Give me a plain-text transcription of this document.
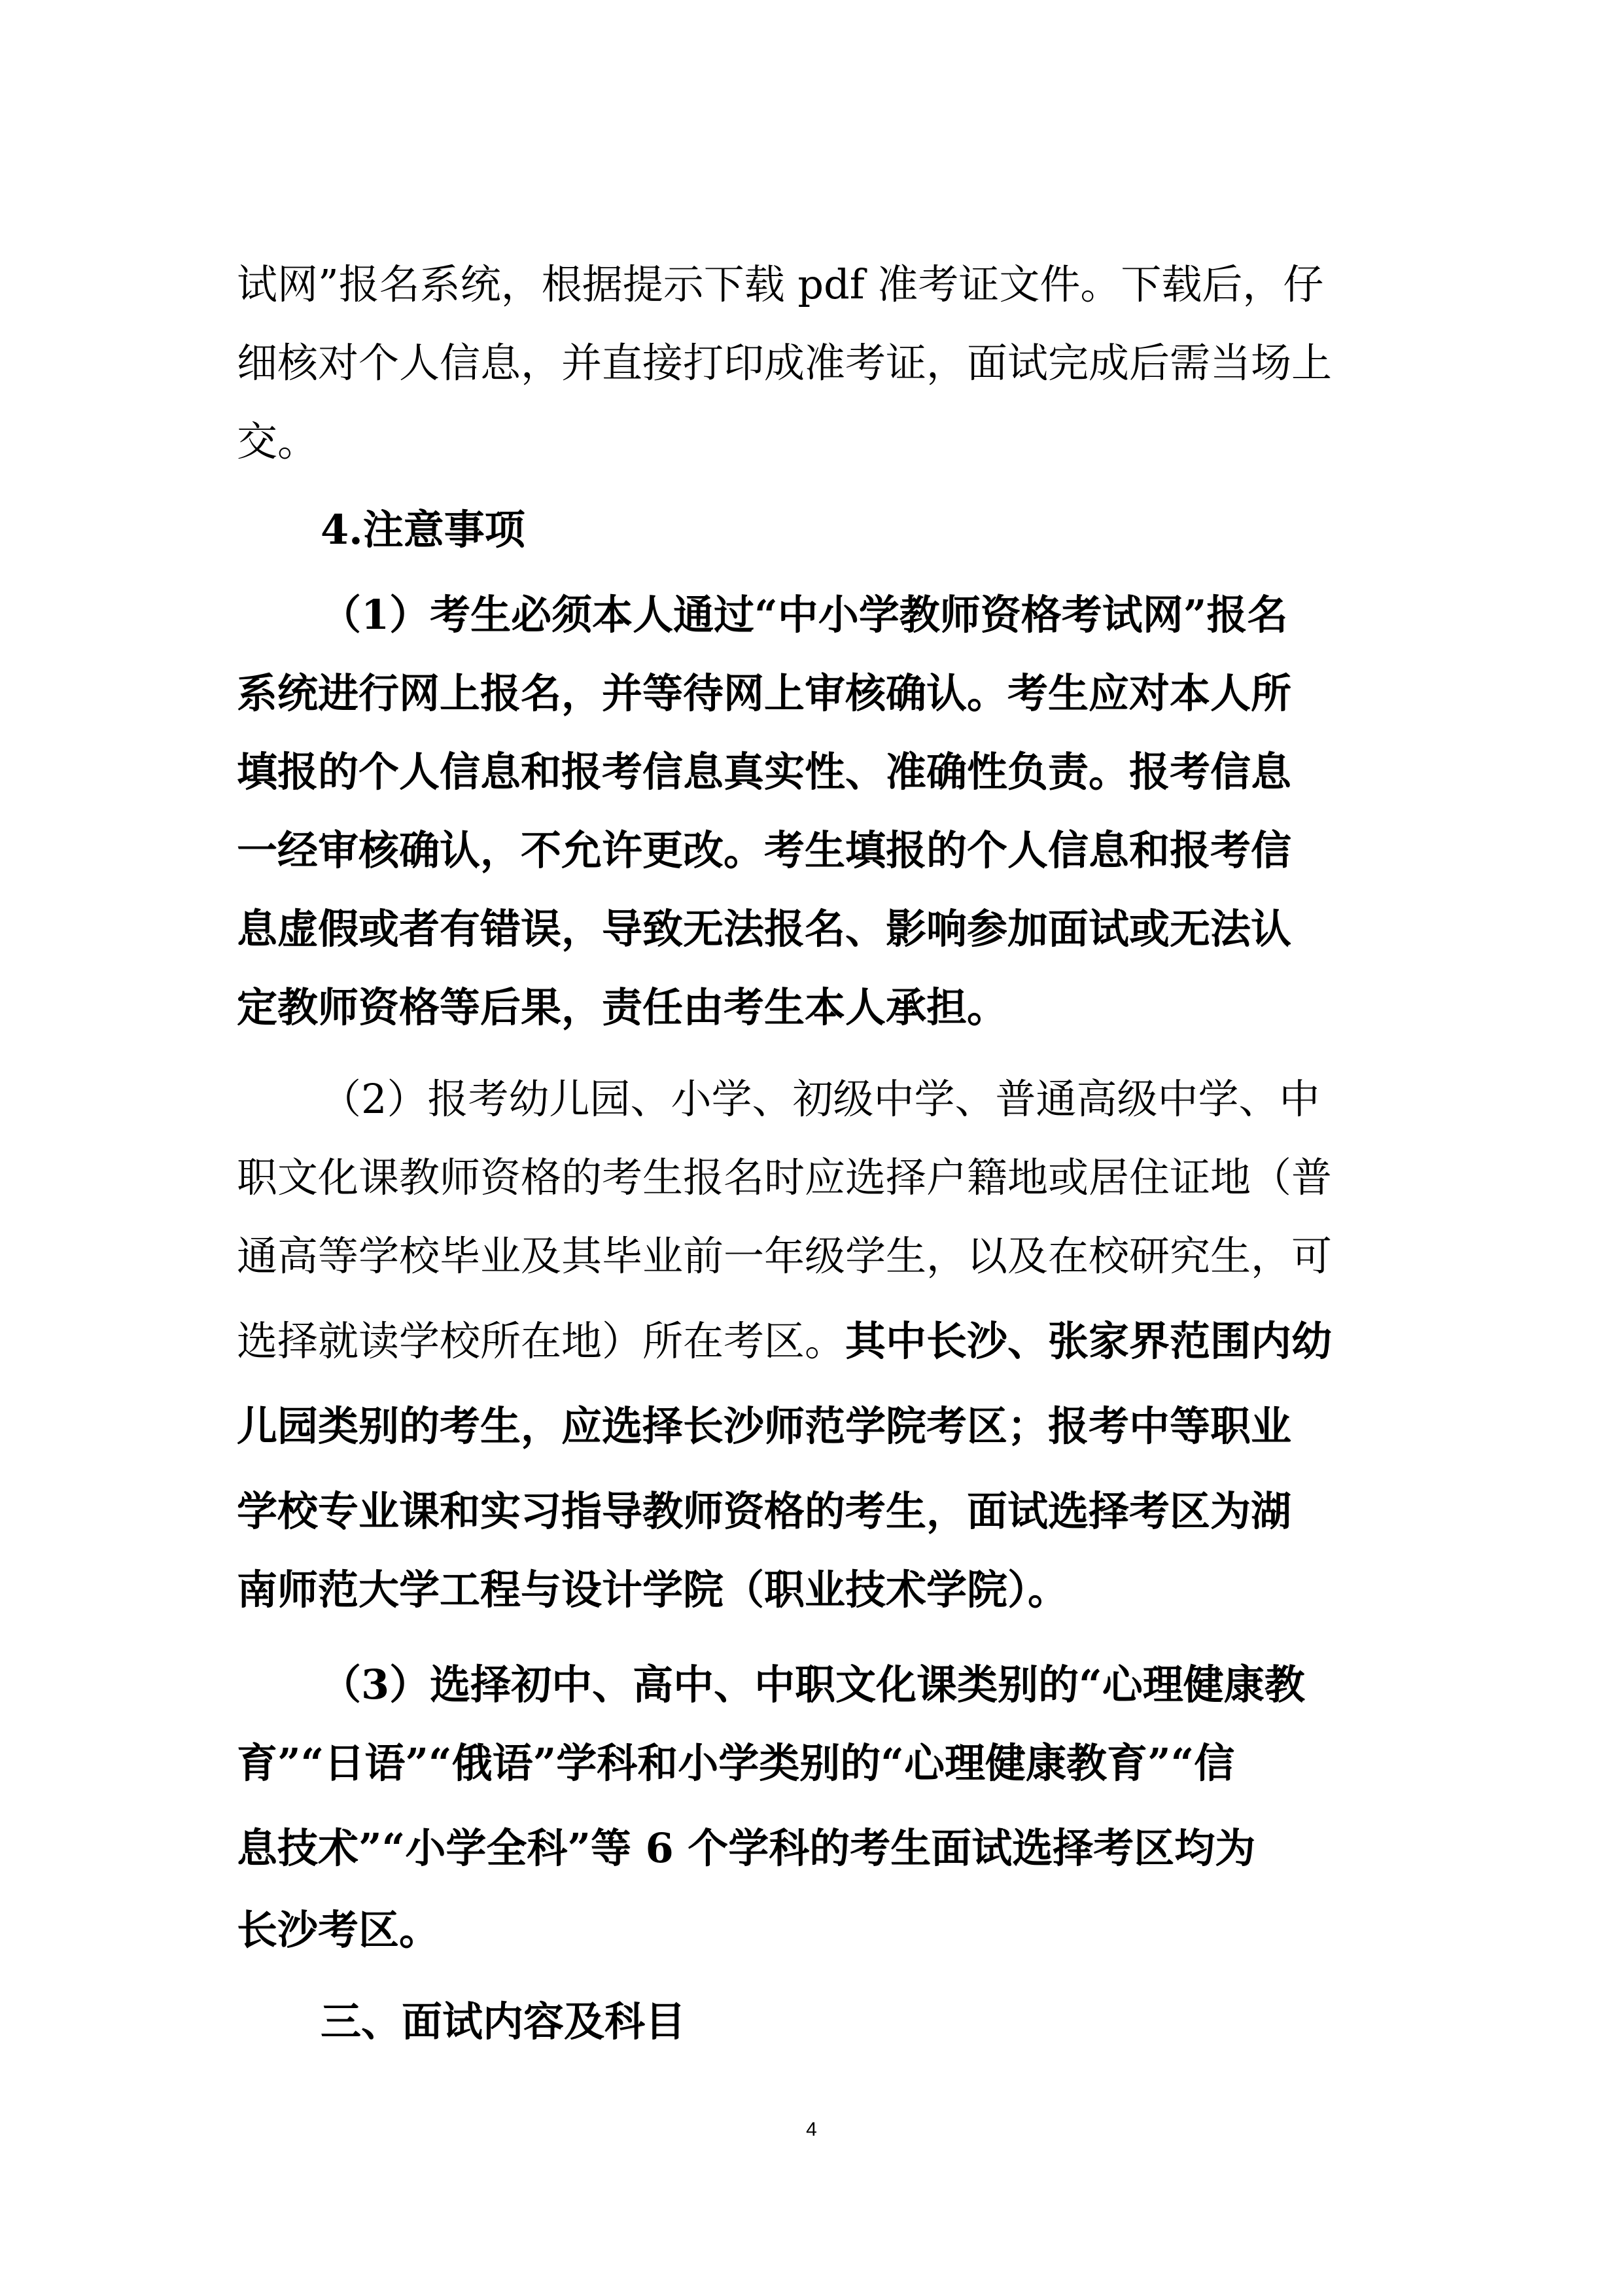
试网”报名系统，根据提示下载 pdf 准考证文件。下载后，仔
细核对个人信息，并直接打印成准考证，面试完成后需当场上
交。
4.注意事项
（1）考生必须本人通过“中小学教师资格考试网”报名
系统进行网上报名，并等待网上审核确认。考生应对本人所
填报的个人信息和报考信息真实性、准确性负责。报考信息
一经审核确认，不允许更改。考生填报的个人信息和报考信
息虚假或者有错误，导致无法报名、影响参加面试或无法认
定教师资格等后果，责任由考生本人承担。
（2）报考幼儿园、小学、初级中学、普通高级中学、中
职文化课教师资格的考生报名时应选择户籍地或居住证地（普
通高等学校毕业及其毕业前一年级学生，以及在校研究生，可
选择就读学校所在地）所在考区。其中长沙、张家界范围内幼
儿园类别的考生，应选择长沙师范学院考区；报考中等职业
学校专业课和实习指导教师资格的考生，面试选择考区为湖
南师范大学工程与设计学院（职业技术学院）。
（3）选择初中、高中、中职文化课类别的“心理健康教
育”“日语”“俄语”学科和小学类别的“心理健康教育”“信
息技术”“小学全科”等 6 个学科的考生面试选择考区均为
长沙考区。
三、面试内容及科目
4
